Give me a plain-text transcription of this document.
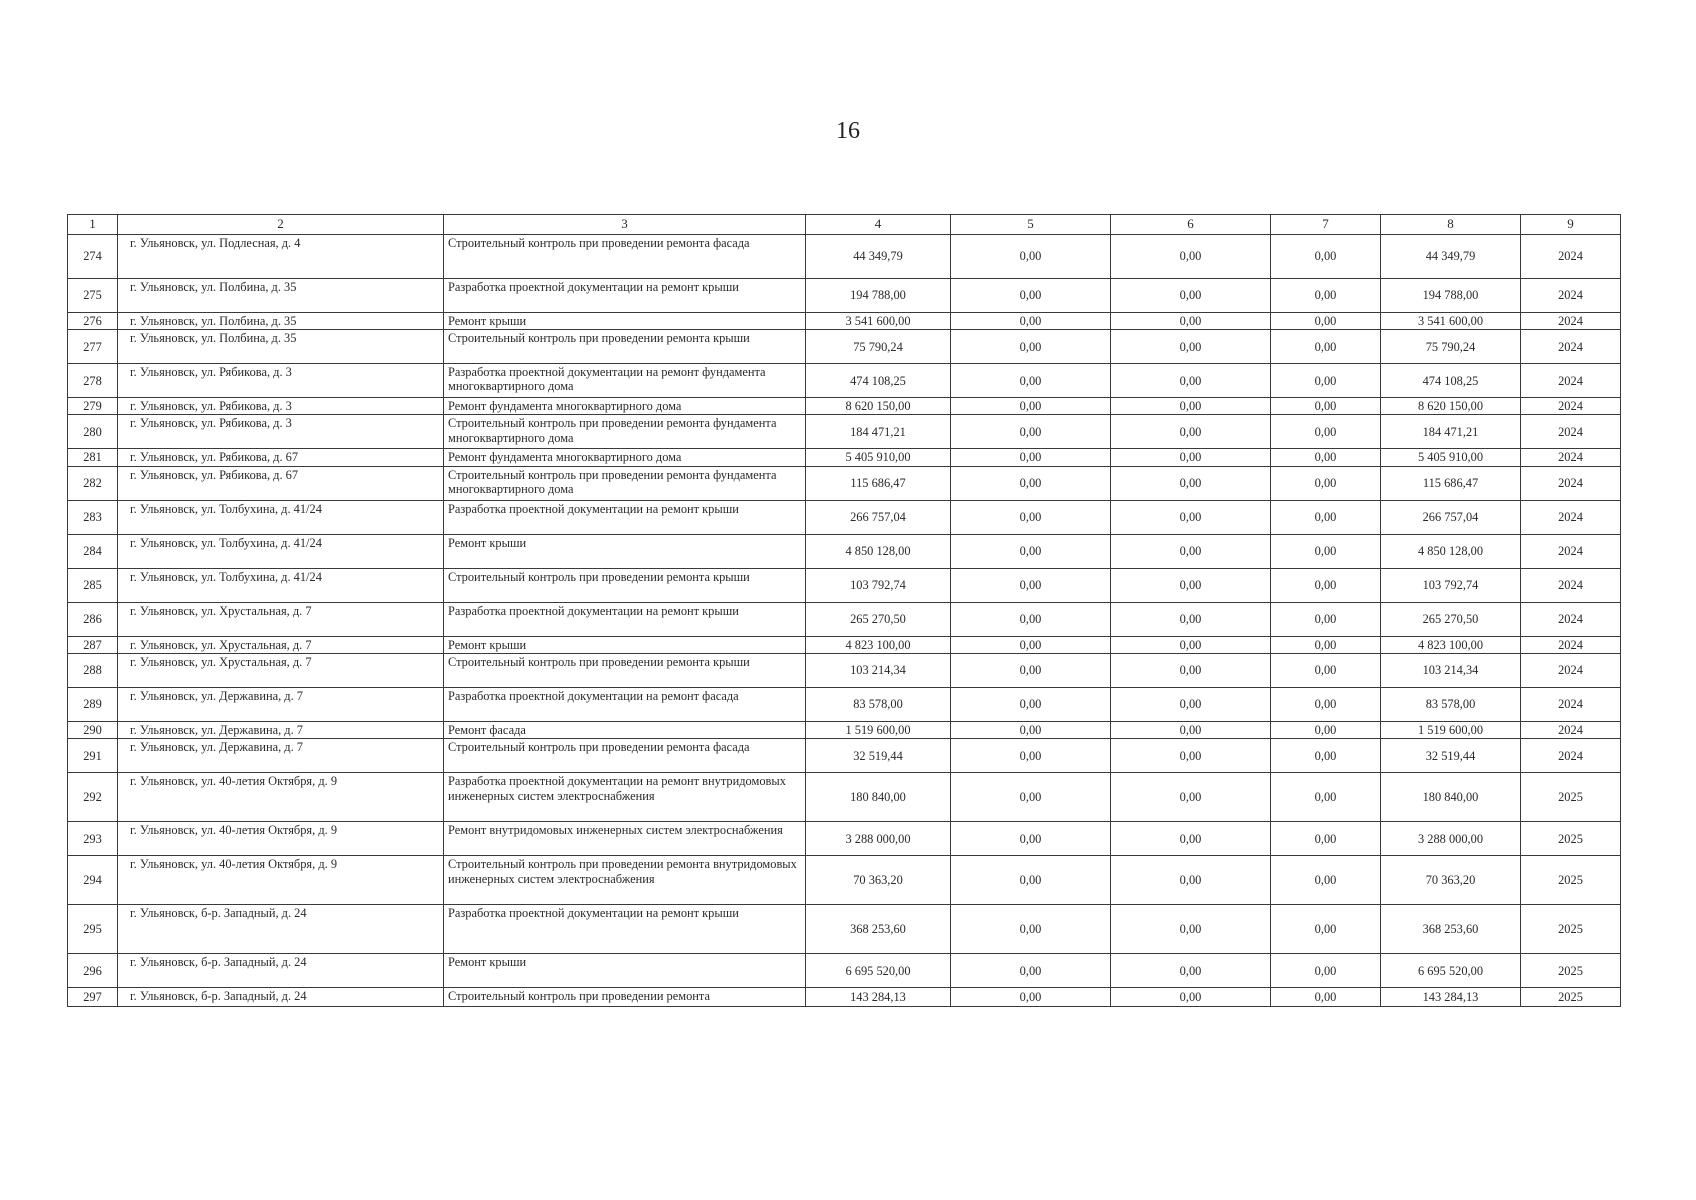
16
1	2	3	4	5	6	7	8	9
274	г. Ульяновск, ул. Подлесная, д. 4	Строительный контроль при проведении ремонта фасада	44 349,79	0,00	0,00	0,00	44 349,79	2024
275	г. Ульяновск, ул. Полбина, д. 35	Разработка проектной документации на ремонт крыши	194 788,00	0,00	0,00	0,00	194 788,00	2024
276	г. Ульяновск, ул. Полбина, д. 35	Ремонт крыши	3 541 600,00	0,00	0,00	0,00	3 541 600,00	2024
277	г. Ульяновск, ул. Полбина, д. 35	Строительный контроль при проведении ремонта крыши	75 790,24	0,00	0,00	0,00	75 790,24	2024
278	г. Ульяновск, ул. Рябикова, д. 3	Разработка проектной документации на ремонт фундамента многоквартирного дома	474 108,25	0,00	0,00	0,00	474 108,25	2024
279	г. Ульяновск, ул. Рябикова, д. 3	Ремонт фундамента многоквартирного дома	8 620 150,00	0,00	0,00	0,00	8 620 150,00	2024
280	г. Ульяновск, ул. Рябикова, д. 3	Строительный контроль при проведении ремонта фундамента многоквартирного дома	184 471,21	0,00	0,00	0,00	184 471,21	2024
281	г. Ульяновск, ул. Рябикова, д. 67	Ремонт фундамента многоквартирного дома	5 405 910,00	0,00	0,00	0,00	5 405 910,00	2024
282	г. Ульяновск, ул. Рябикова, д. 67	Строительный контроль при проведении ремонта фундамента многоквартирного дома	115 686,47	0,00	0,00	0,00	115 686,47	2024
283	г. Ульяновск, ул. Толбухина, д. 41/24	Разработка проектной документации на ремонт крыши	266 757,04	0,00	0,00	0,00	266 757,04	2024
284	г. Ульяновск, ул. Толбухина, д. 41/24	Ремонт крыши	4 850 128,00	0,00	0,00	0,00	4 850 128,00	2024
285	г. Ульяновск, ул. Толбухина, д. 41/24	Строительный контроль при проведении ремонта крыши	103 792,74	0,00	0,00	0,00	103 792,74	2024
286	г. Ульяновск, ул. Хрустальная, д. 7	Разработка проектной документации на ремонт крыши	265 270,50	0,00	0,00	0,00	265 270,50	2024
287	г. Ульяновск, ул. Хрустальная, д. 7	Ремонт крыши	4 823 100,00	0,00	0,00	0,00	4 823 100,00	2024
288	г. Ульяновск, ул. Хрустальная, д. 7	Строительный контроль при проведении ремонта крыши	103 214,34	0,00	0,00	0,00	103 214,34	2024
289	г. Ульяновск, ул. Державина, д. 7	Разработка проектной документации на ремонт фасада	83 578,00	0,00	0,00	0,00	83 578,00	2024
290	г. Ульяновск, ул. Державина, д. 7	Ремонт фасада	1 519 600,00	0,00	0,00	0,00	1 519 600,00	2024
291	г. Ульяновск, ул. Державина, д. 7	Строительный контроль при проведении ремонта фасада	32 519,44	0,00	0,00	0,00	32 519,44	2024
292	г. Ульяновск, ул. 40-летия Октября, д. 9	Разработка проектной документации на ремонт внутридомовых инженерных систем электроснабжения	180 840,00	0,00	0,00	0,00	180 840,00	2025
293	г. Ульяновск, ул. 40-летия Октября, д. 9	Ремонт внутридомовых инженерных систем электроснабжения	3 288 000,00	0,00	0,00	0,00	3 288 000,00	2025
294	г. Ульяновск, ул. 40-летия Октября, д. 9	Строительный контроль при проведении ремонта внутридомовых инженерных систем электроснабжения	70 363,20	0,00	0,00	0,00	70 363,20	2025
295	г. Ульяновск, б-р. Западный, д. 24	Разработка проектной документации на ремонт крыши	368 253,60	0,00	0,00	0,00	368 253,60	2025
296	г. Ульяновск, б-р. Западный, д. 24	Ремонт крыши	6 695 520,00	0,00	0,00	0,00	6 695 520,00	2025
297	г. Ульяновск, б-р. Западный, д. 24	Строительный контроль при проведении ремонта	143 284,13	0,00	0,00	0,00	143 284,13	2025
